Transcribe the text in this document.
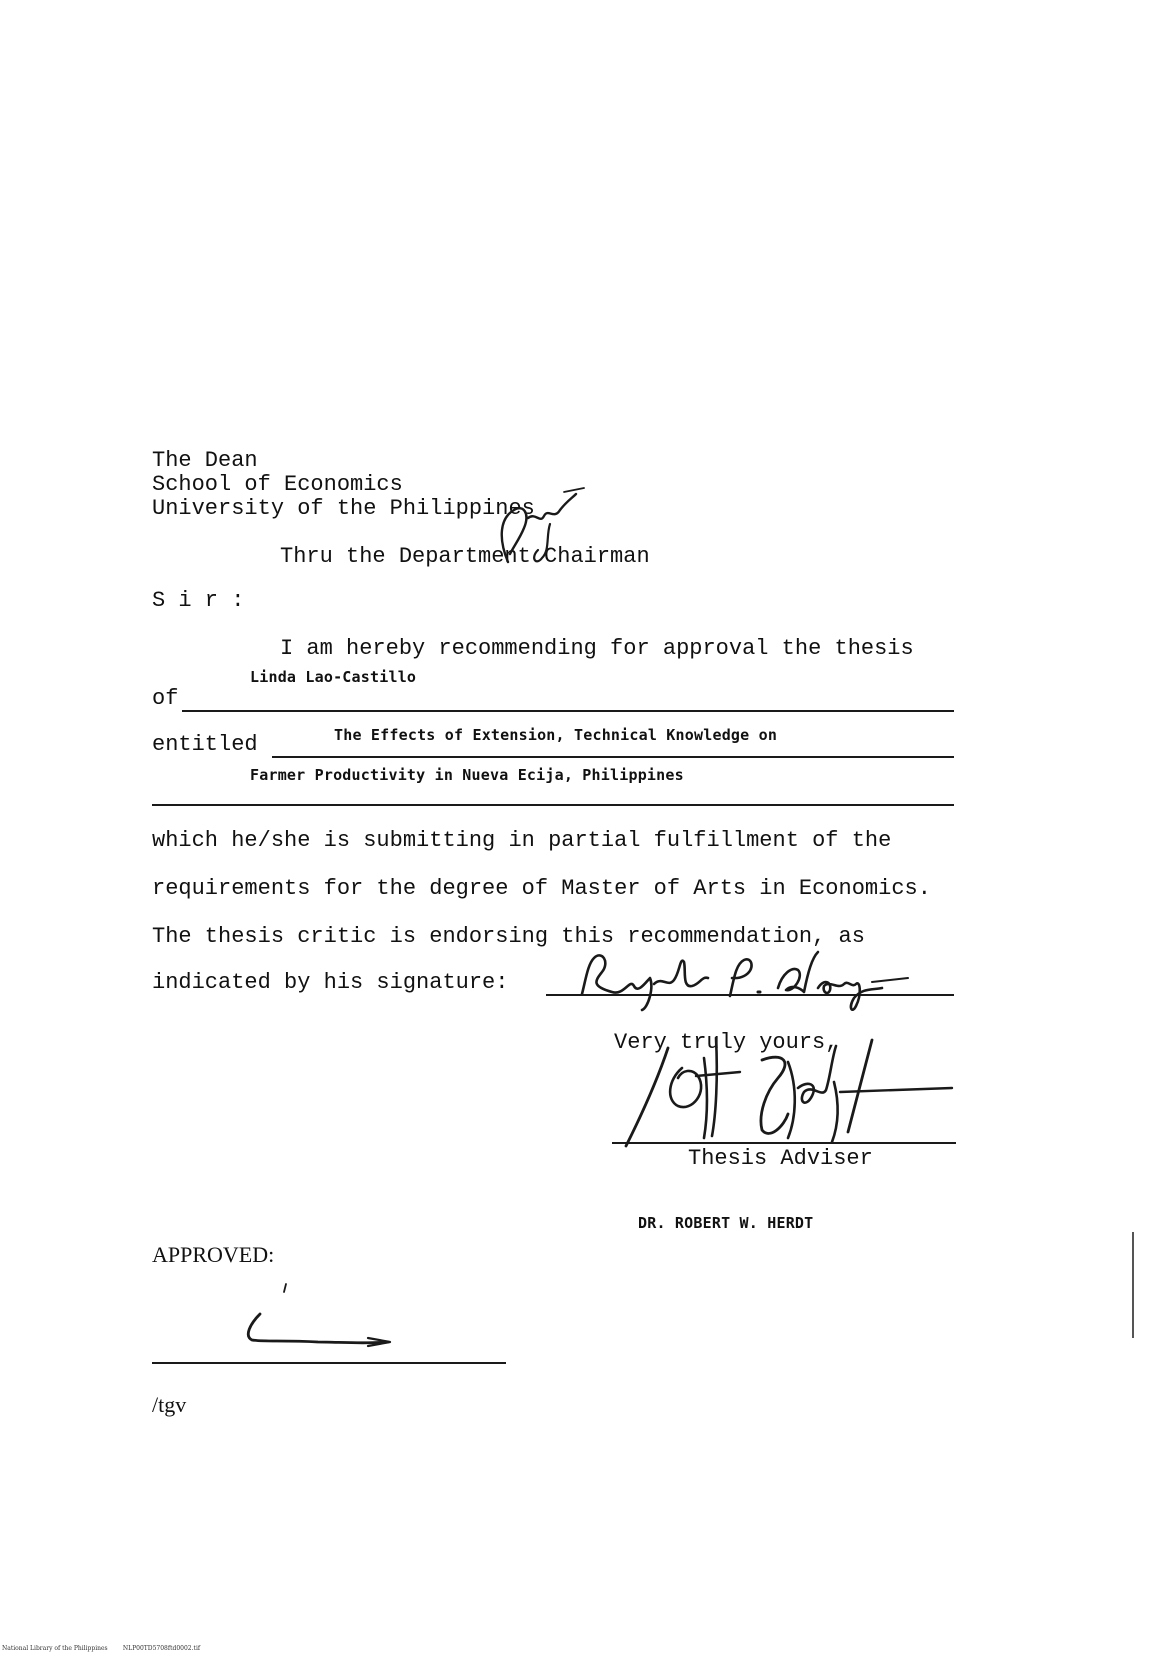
The Dean
School of Economics
University of the Philippines
Thru the Department Chairman
S i r :
I am hereby recommending for approval the thesis
Linda Lao-Castillo
of
The Effects of Extension, Technical Knowledge on
entitled
Farmer Productivity in Nueva Ecija, Philippines
which he/she is submitting in partial fulfillment of the
requirements for the degree of Master of Arts in Economics.
The thesis critic is endorsing this recommendation, as
indicated by his signature:
Very truly yours,
Thesis Adviser
DR. ROBERT W. HERDT
APPROVED:
/tgv
National Library of the Philippines	NLP00TD5708ftd0002.tif
